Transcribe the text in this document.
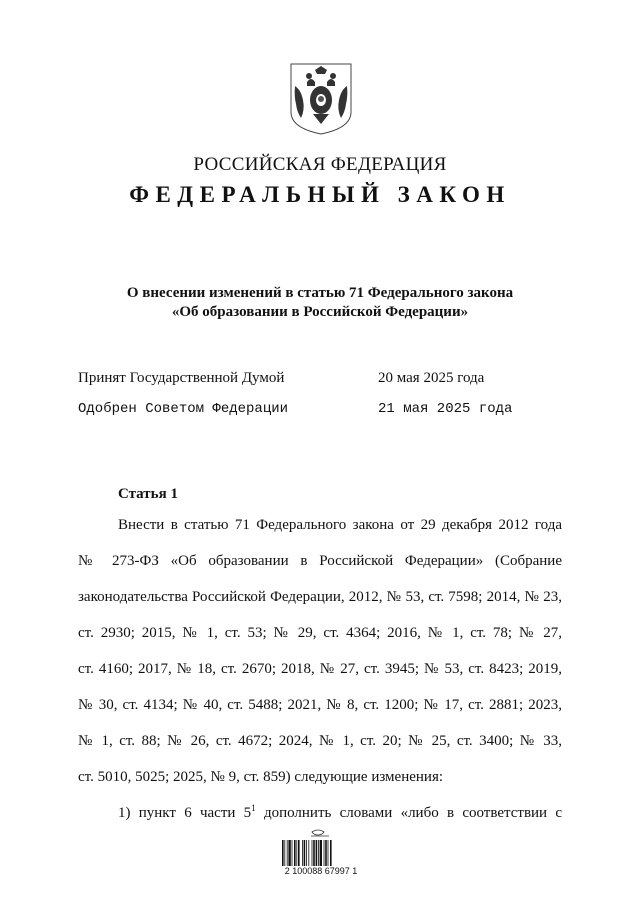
РОССИЙСКАЯ ФЕДЕРАЦИЯ
ФЕДЕРАЛЬНЫЙ ЗАКОН
О внесении изменений в статью 71 Федерального закона
«Об образовании в Российской Федерации»
Принят Государственной Думой	20 мая 2025 года
Одобрен Советом Федерации	21 мая 2025 года
Статья 1
Внести в статью 71 Федерального закона от 29 декабря 2012 года
№ 273-ФЗ «Об образовании в Российской Федерации» (Собрание
законодательства Российской Федерации, 2012, № 53, ст. 7598; 2014, № 23,
ст. 2930; 2015, № 1, ст. 53; № 29, ст. 4364; 2016, № 1, ст. 78; № 27,
ст. 4160; 2017, № 18, ст. 2670; 2018, № 27, ст. 3945; № 53, ст. 8423; 2019,
№ 30, ст. 4134; № 40, ст. 5488; 2021, № 8, ст. 1200; № 17, ст. 2881; 2023,
№ 1, ст. 88; № 26, ст. 4672; 2024, № 1, ст. 20; № 25, ст. 3400; № 33,
ст. 5010, 5025; 2025, № 9, ст. 859) следующие изменения:
1) пункт 6 части $5^1$ дополнить словами «либо в соответствии с
2 100088 67997 1
